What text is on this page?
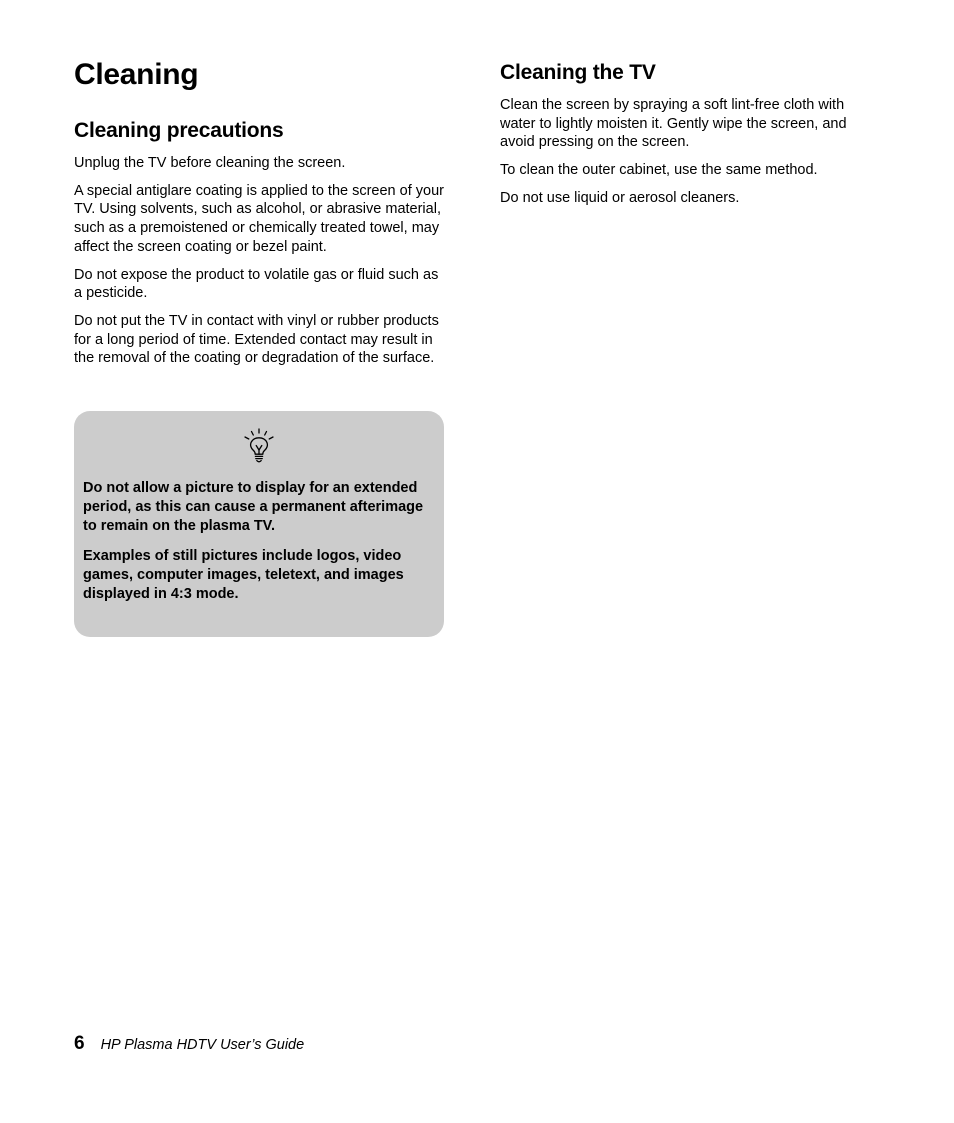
Cleaning
Cleaning precautions

Unplug the TV before cleaning the screen.

A special antiglare coating is applied to the screen of your TV. Using solvents, such as alcohol, or abrasive material, such as a premoistened or chemically treated towel, may affect the screen coating or bezel paint.

Do not expose the product to volatile gas or fluid such as a pesticide.

Do not put the TV in contact with vinyl or rubber products for a long period of time. Extended contact may result in the removal of the coating or degradation of the surface.

Do not allow a picture to display for an extended period, as this can cause a permanent afterimage to remain on the plasma TV.

Examples of still pictures include logos, video games, computer images, teletext, and images displayed in 4:3 mode.

Cleaning the TV

Clean the screen by spraying a soft lint-free cloth with water to lightly moisten it. Gently wipe the screen, and avoid pressing on the screen.

To clean the outer cabinet, use the same method.

Do not use liquid or aerosol cleaners.

6 HP Plasma HDTV User’s Guide
